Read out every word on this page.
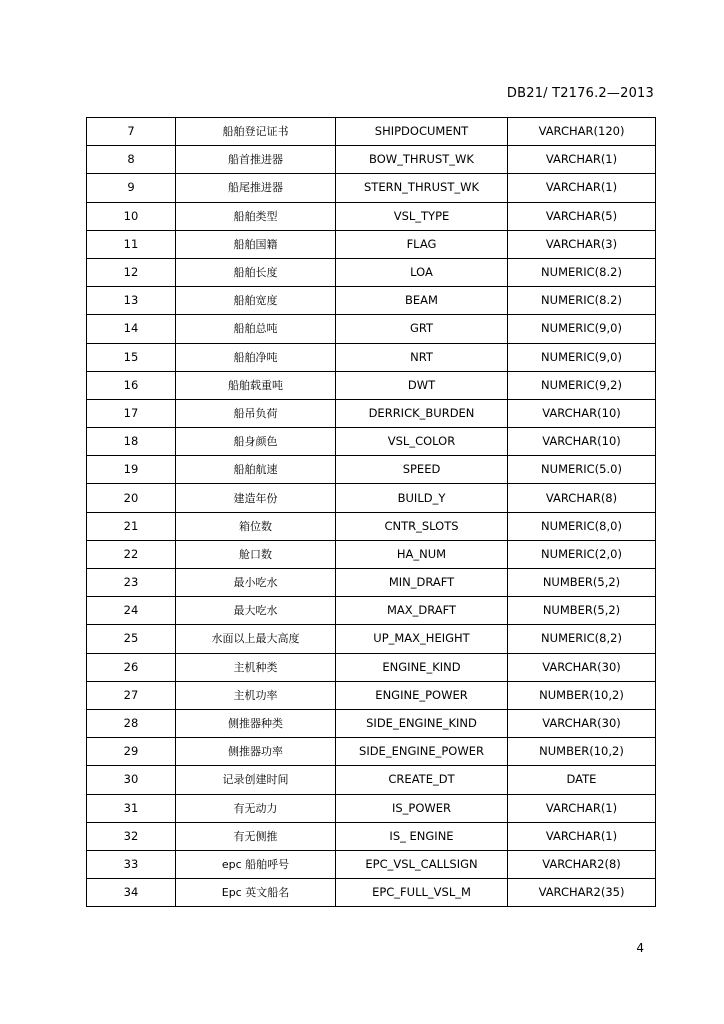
DB21/ T2176.2—2013
7	船舶登记证书	SHIPDOCUMENT	VARCHAR(120)
8	船首推进器	BOW_THRUST_WK	VARCHAR(1)
9	船尾推进器	STERN_THRUST_WK	VARCHAR(1)
10	船舶类型	VSL_TYPE	VARCHAR(5)
11	船舶国籍	FLAG	VARCHAR(3)
12	船舶长度	LOA	NUMERIC(8.2)
13	船舶宽度	BEAM	NUMERIC(8.2)
14	船舶总吨	GRT	NUMERIC(9,0)
15	船舶净吨	NRT	NUMERIC(9,0)
16	船舶载重吨	DWT	NUMERIC(9,2)
17	船吊负荷	DERRICK_BURDEN	VARCHAR(10)
18	船身颜色	VSL_COLOR	VARCHAR(10)
19	船舶航速	SPEED	NUMERIC(5.0)
20	建造年份	BUILD_Y	VARCHAR(8)
21	箱位数	CNTR_SLOTS	NUMERIC(8,0)
22	舱口数	HA_NUM	NUMERIC(2,0)
23	最小吃水	MIN_DRAFT	NUMBER(5,2)
24	最大吃水	MAX_DRAFT	NUMBER(5,2)
25	水面以上最大高度	UP_MAX_HEIGHT	NUMERIC(8,2)
26	主机种类	ENGINE_KIND	VARCHAR(30)
27	主机功率	ENGINE_POWER	NUMBER(10,2)
28	侧推器种类	SIDE_ENGINE_KIND	VARCHAR(30)
29	侧推器功率	SIDE_ENGINE_POWER	NUMBER(10,2)
30	记录创建时间	CREATE_DT	DATE
31	有无动力	IS_POWER	VARCHAR(1)
32	有无侧推	IS_ ENGINE	VARCHAR(1)
33	epc 船舶呼号	EPC_VSL_CALLSIGN	VARCHAR2(8)
34	Epc 英文船名	EPC_FULL_VSL_M	VARCHAR2(35)
4
